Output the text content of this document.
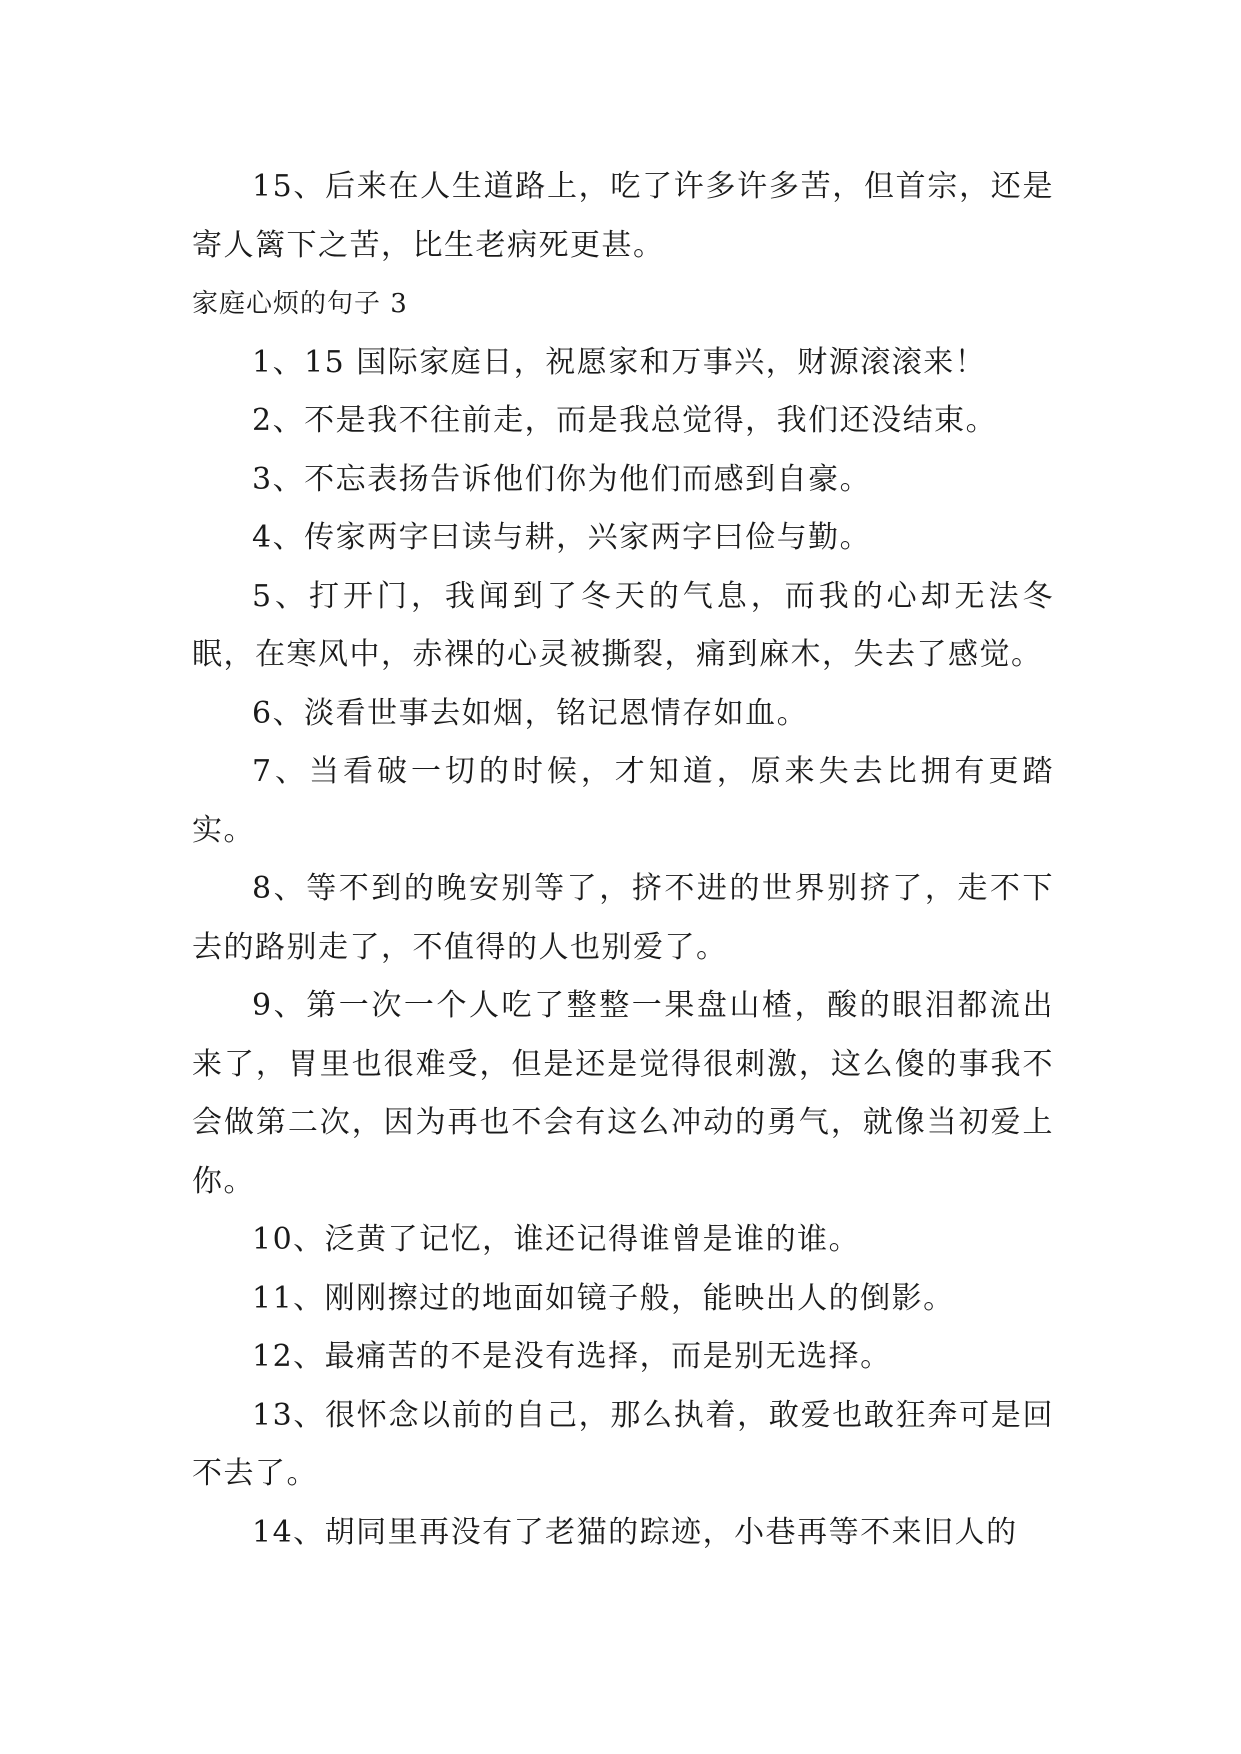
15、后来在人生道路上，吃了许多许多苦，但首宗，还是寄人篱下之苦，比生老病死更甚。

家庭心烦的句子 3

1、15 国际家庭日，祝愿家和万事兴，财源滚滚来！

2、不是我不往前走，而是我总觉得，我们还没结束。

3、不忘表扬告诉他们你为他们而感到自豪。

4、传家两字曰读与耕，兴家两字曰俭与勤。

5、打开门，我闻到了冬天的气息，而我的心却无法冬眠，在寒风中，赤裸的心灵被撕裂，痛到麻木，失去了感觉。

6、淡看世事去如烟，铭记恩情存如血。

7、当看破一切的时候，才知道，原来失去比拥有更踏实。

8、等不到的晚安别等了，挤不进的世界别挤了，走不下去的路别走了，不值得的人也别爱了。

9、第一次一个人吃了整整一果盘山楂，酸的眼泪都流出来了，胃里也很难受，但是还是觉得很刺激，这么傻的事我不会做第二次，因为再也不会有这么冲动的勇气，就像当初爱上你。

10、泛黄了记忆，谁还记得谁曾是谁的谁。

11、刚刚擦过的地面如镜子般，能映出人的倒影。

12、最痛苦的不是没有选择，而是别无选择。

13、很怀念以前的自己，那么执着，敢爱也敢狂奔可是回不去了。

14、胡同里再没有了老猫的踪迹，小巷再等不来旧人的
